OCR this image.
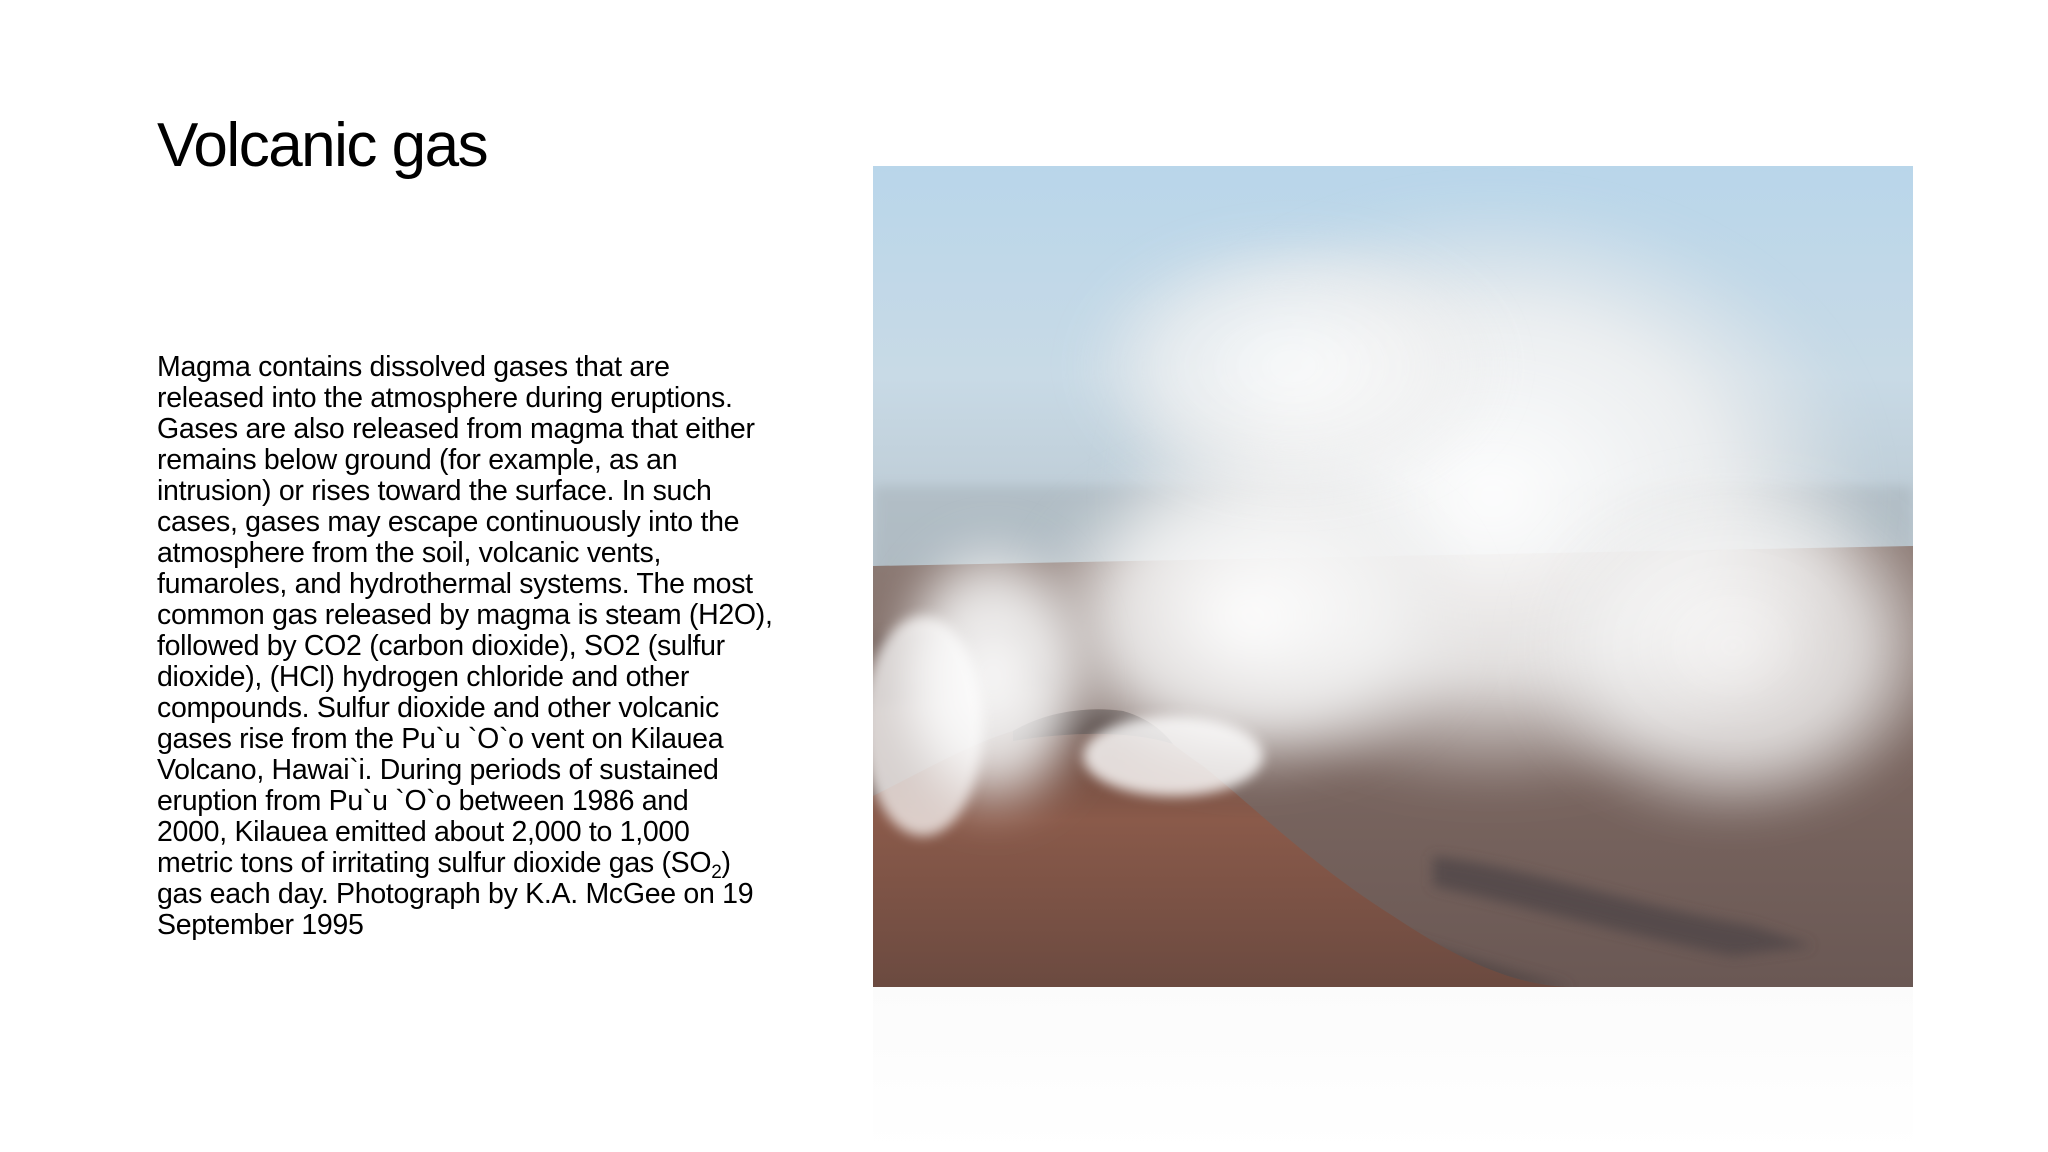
Volcanic gas
Magma contains dissolved gases that are
released into the atmosphere during eruptions.
Gases are also released from magma that either
remains below ground (for example, as an
intrusion) or rises toward the surface. In such
cases, gases may escape continuously into the
atmosphere from the soil, volcanic vents,
fumaroles, and hydrothermal systems. The most
common gas released by magma is steam (H2O),
followed by CO2 (carbon dioxide), SO2 (sulfur
dioxide), (HCl) hydrogen chloride and other
compounds. Sulfur dioxide and other volcanic
gases rise from the Pu`u `O`o vent on Kilauea
Volcano, Hawai`i. During periods of sustained
eruption from Pu`u `O`o between 1986 and
2000, Kilauea emitted about 2,000 to 1,000
metric tons of irritating sulfur dioxide gas $(SO_2)$
gas each day. Photograph by K.A. McGee on 19
September 1995
